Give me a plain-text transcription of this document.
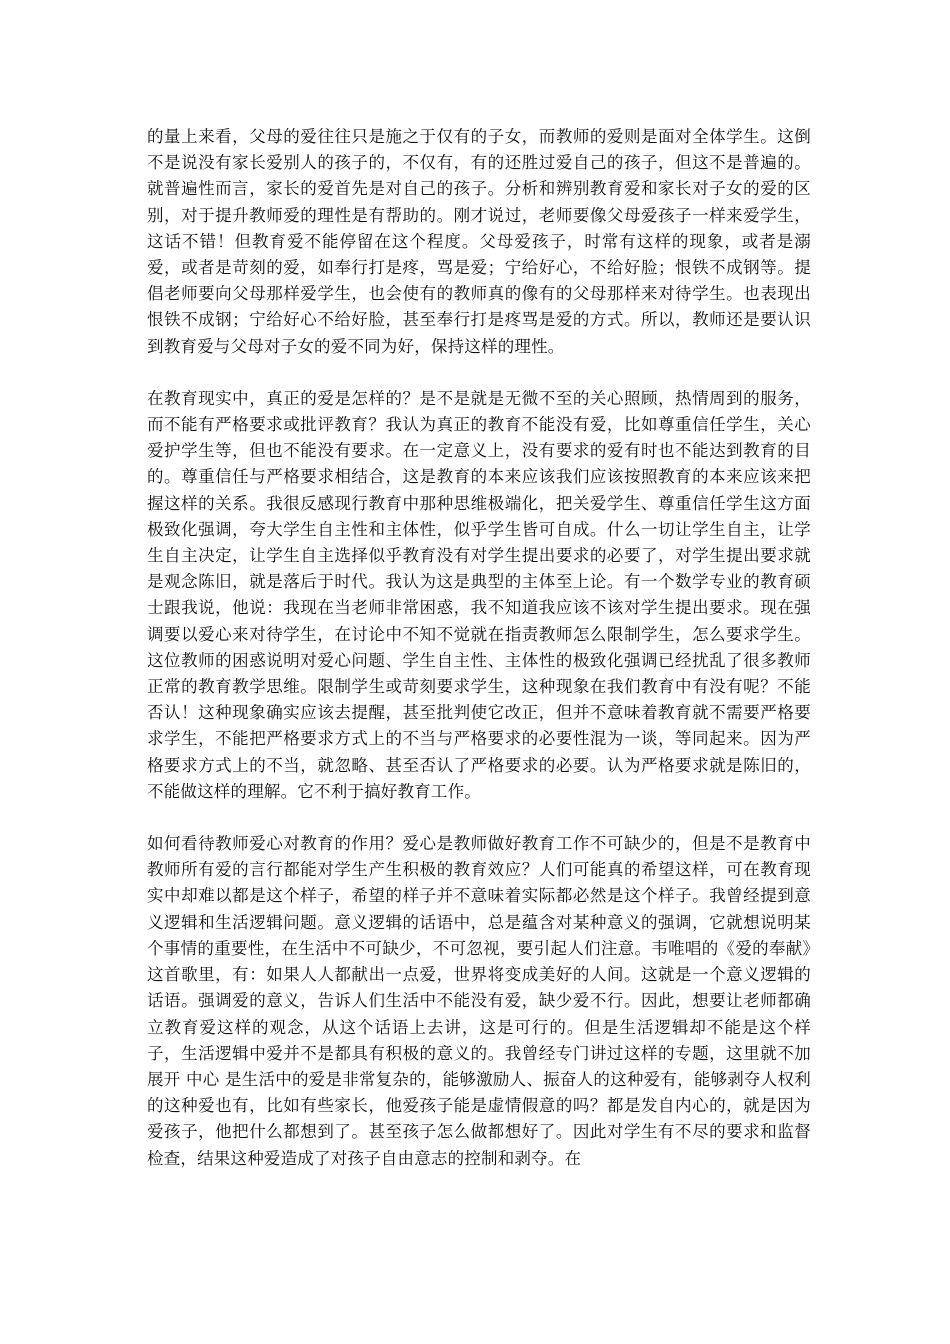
的量上来看，父母的爱往往只是施之于仅有的子女，而教师的爱则是面对全体学生。这倒不是说没有家长爱别人的孩子的，不仅有，有的还胜过爱自己的孩子，但这不是普遍的。就普遍性而言，家长的爱首先是对自己的孩子。分析和辨别教育爱和家长对子女的爱的区别，对于提升教师爱的理性是有帮助的。刚才说过，老师要像父母爱孩子一样来爱学生，这话不错！但教育爱不能停留在这个程度。父母爱孩子，时常有这样的现象，或者是溺爱，或者是苛刻的爱，如奉行打是疼，骂是爱；宁给好心，不给好脸；恨铁不成钢等。提倡老师要向父母那样爱学生，也会使有的教师真的像有的父母那样来对待学生。也表现出恨铁不成钢；宁给好心不给好脸，甚至奉行打是疼骂是爱的方式。所以，教师还是要认识到教育爱与父母对子女的爱不同为好，保持这样的理性。

在教育现实中，真正的爱是怎样的？是不是就是无微不至的关心照顾，热情周到的服务，而不能有严格要求或批评教育？我认为真正的教育不能没有爱，比如尊重信任学生，关心爱护学生等，但也不能没有要求。在一定意义上，没有要求的爱有时也不能达到教育的目的。尊重信任与严格要求相结合，这是教育的本来应该我们应该按照教育的本来应该来把握这样的关系。我很反感现行教育中那种思维极端化，把关爱学生、尊重信任学生这方面极致化强调，夸大学生自主性和主体性，似乎学生皆可自成。什么一切让学生自主，让学生自主决定，让学生自主选择似乎教育没有对学生提出要求的必要了，对学生提出要求就是观念陈旧，就是落后于时代。我认为这是典型的主体至上论。有一个数学专业的教育硕士跟我说，他说：我现在当老师非常困惑，我不知道我应该不该对学生提出要求。现在强调要以爱心来对待学生，在讨论中不知不觉就在指责教师怎么限制学生，怎么要求学生。这位教师的困惑说明对爱心问题、学生自主性、主体性的极致化强调已经扰乱了很多教师正常的教育教学思维。限制学生或苛刻要求学生，这种现象在我们教育中有没有呢？不能否认！这种现象确实应该去提醒，甚至批判使它改正，但并不意味着教育就不需要严格要求学生，不能把严格要求方式上的不当与严格要求的必要性混为一谈，等同起来。因为严格要求方式上的不当，就忽略、甚至否认了严格要求的必要。认为严格要求就是陈旧的，不能做这样的理解。它不利于搞好教育工作。

如何看待教师爱心对教育的作用？爱心是教师做好教育工作不可缺少的，但是不是教育中教师所有爱的言行都能对学生产生积极的教育效应？人们可能真的希望这样，可在教育现实中却难以都是这个样子，希望的样子并不意味着实际都必然是这个样子。我曾经提到意义逻辑和生活逻辑问题。意义逻辑的话语中，总是蕴含对某种意义的强调，它就想说明某个事情的重要性，在生活中不可缺少，不可忽视，要引起人们注意。韦唯唱的《爱的奉献》这首歌里，有：如果人人都献出一点爱，世界将变成美好的人间。这就是一个意义逻辑的话语。强调爱的意义，告诉人们生活中不能没有爱，缺少爱不行。因此，想要让老师都确立教育爱这样的观念，从这个话语上去讲，这是可行的。但是生活逻辑却不能是这个样子，生活逻辑中爱并不是都具有积极的意义的。我曾经专门讲过这样的专题，这里就不加展开 中心 是生活中的爱是非常复杂的，能够激励人、振奋人的这种爱有，能够剥夺人权利的这种爱也有，比如有些家长，他爱孩子能是虚情假意的吗？都是发自内心的，就是因为爱孩子，他把什么都想到了。甚至孩子怎么做都想好了。因此对学生有不尽的要求和监督检查，结果这种爱造成了对孩子自由意志的控制和剥夺。在
